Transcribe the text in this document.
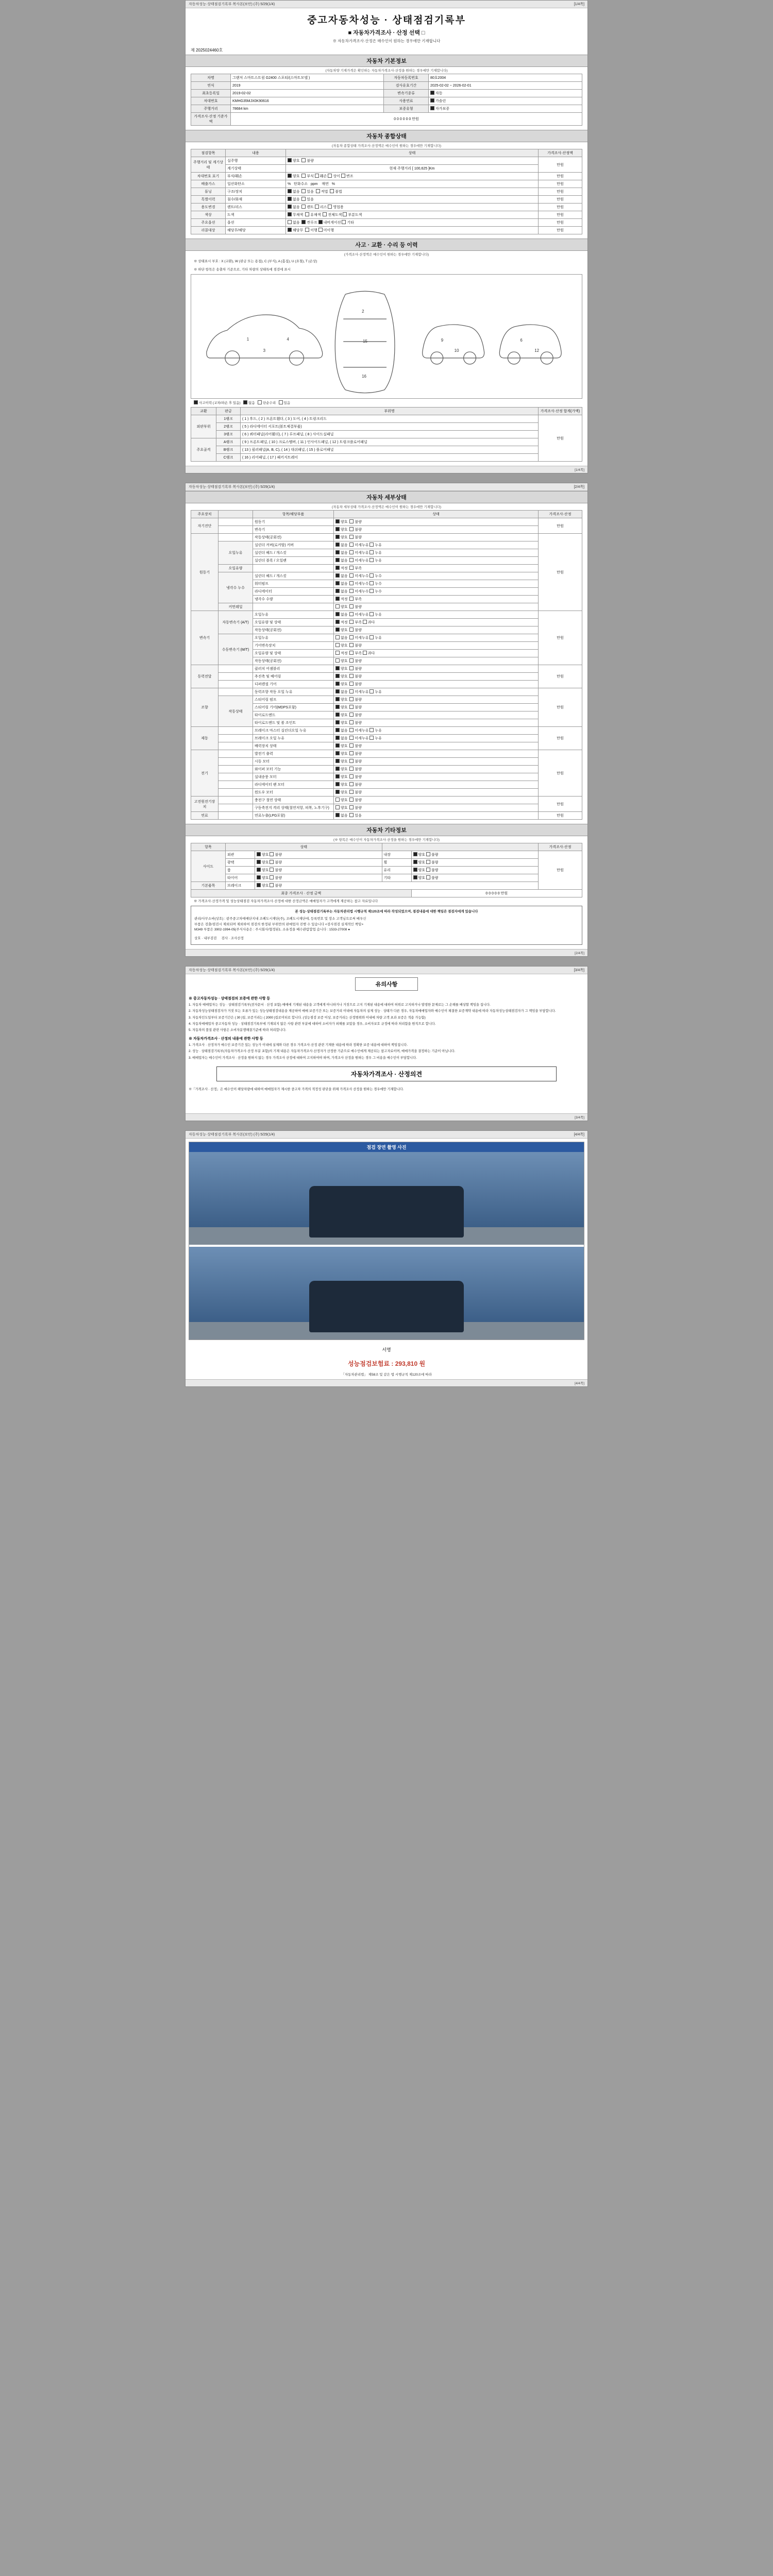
자동차성능·상태점검기록부 복사본(보안) (주) 5/29(1/4)	[1/4쪽]
중고자동차성능 · 상태점검기록부
■ 자동차가격조사 · 산정 선택 □
※ 자동차가격조사·산정은 매수인이 원하는 경우에만 기재합니다
제 2025024460호
자동차 기본정보
(자동차양 기재가격은 확인하는 자동차가격조사·산정을 원하는 경우에만 기재합니다)
차명	그랜저 스마트스트림 G2400 스포티/(스마트모델 )	자동차등록번호	80호2004
연식	2019	검사유효기간	2025-02-02 ~ 2026-02-01
최초등록일	2019-02-02	변속기종류	자동
차대번호	KMHG35MJX0K90616	사용연료	가솔린
주행거리	78684 km	보증유형	자가보증
가격조사·산정 기준가액	0 0 0 0 0 0 만원		
자동차 종합상태
(자동차 종합상태 가격조사·산정액은 매수인이 원하는 경우에만 기재합니다)
점검항목	내용	상태	가격조사·산정액
주행거리 및 계기상태	실주행	양호  불량	만원
	계기상태	현재 주행거리 [ 100,625 ]Km	
차대번호 표기	부식/훼손	양호  부식 훼손 상이 변조	만원
배출가스	일산화탄소	%   탄화수소   ppm    매연   %	만원
튜닝	구조/장치	없음  있음  적법  불법	만원
특별이력	침수/화재	없음  있음	만원
용도변경	렌트/리스	없음  렌트 리스 영업용	만원
색상	도색	무채색  유채색  전체도색 부분도색	만원
주요옵션	옵션	없음  썬루프 내비게이션 기타	만원
리콜대상	해당무/해당	해당무  이행 미이행	만원
사고 · 교환 · 수리 등 이력
(가격조사·산정액은 매수인이 원하는 경우에만 기재합니다)
※ 상태표시 부호 : X (교환), W (판금 또는 용접), C (부식), A (흠집), U (요철), T (손상)
※ 하단 항목은 송출차 기준으로, 기타 차량의 상태특에 점검에 표시
1
3
4
2
15
16
9
10
6
12
사고이력 (교차/파손 후 있음) 없음 단순수리 있음
교환	판금	부위명	가격조사·산정 합계(가액)
외판부위	1랭크	( 1 ) 후드, ( 2 ) 프론트휀더, ( 3 ) 도어, ( 4 ) 트렁크리드	만원
	2랭크	( 5 ) 라디에이터 서포트(볼트체결부품)	
	3랭크	( 6 ) 쿼터패널(리어휀더), ( 7 ) 루프패널, ( 8 ) 사이드실패널	
주요골격	A랭크	( 9 ) 프론트패널, ( 10 ) 크로스멤버, ( 11 ) 인사이드패널, ( 12 ) 트렁크플로어패널	
	B랭크	( 13 ) 필러패널(A, B, C), ( 14 ) 대쉬패널, ( 15 ) 플로어패널	
	C랭크	( 16 ) 리어패널, ( 17 ) 패키지트레이	
[1/4쪽]
자동차성능·상태점검기록부 복사본(보안) (주) 5/29(1/4)	[2/4쪽]
자동차 세부상태
(자동차 세부상태 가격조사·산정액은 매수인이 원하는 경우에만 기재합니다)
주요장치		항목/해당부품	상태	가격조사·산정
자기진단		원동기	양호  불량	만원
		변속기	양호  불량	
원동기		작동상태(공회전)	양호  불량	만원
	오일누유	실린더 커버(로커암) 커버	없음  미세누유 누유	
		실린더 헤드 / 개스킷	없음  미세누유 누유	
		실린더 블록 / 오일팬	없음  미세누유 누유	
	오일유량		적정  부족	
	냉각수 누수	실린더 헤드 / 개스킷	없음  미세누수 누수	
		워터펌프	없음  미세누수 누수	
		라디에이터	없음  미세누수 누수	
		냉각수 수량	적정  부족	
	커먼레일		양호  불량	
변속기	자동변속기 (A/T)	오일누유	없음  미세누유 누유	만원
		오일유량 및 상태	적정  부족 과다	
		작동상태(공회전)	양호  불량	
	수동변속기 (M/T)	오일누유	없음  미세누유 누유	
		기어변속장치	양호  불량	
		오일유량 및 상태	적정  부족 과다	
		작동상태(공회전)	양호  불량	
동력전달		클러치 어셈블리	양호  불량	만원
		추진축 및 베어링	양호  불량	
		디퍼렌셜 기어	양호  불량	
조향		동력조향 작동 오일 누유	없음  미세누유 누유	만원
	작동상태	스티어링 펌프	양호  불량	
		스티어링 기어(MDPS포함)	양호  불량	
		타이로드엔드	양호  불량	
		타이로드엔드 및 볼 조인트	양호  불량	
제동		브레이크 마스터 실린더오일 누유	없음  미세누유 누유	만원
		브레이크 오일 누유	없음  미세누유 누유	
		배력장치 상태	양호  불량	
전기		발전기 출력	양호  불량	만원
		시동 모터	양호  불량	
		와이퍼 모터 기능	양호  불량	
		실내송풍 모터	양호  불량	
		라디에이터 팬 모터	양호  불량	
		윈도우 모터	양호  불량	
고전원전기장치		충전구 절연 상태	양호  불량	만원
		구동축전지 격리 상태(절연저항, 피복, 노후기구)	양호  불량	
연료		연료누출(LPG포함)	없음  있음	만원
자동차 기타정보
(※ 항목은 매수인이 자동차가격조사·산정을 원하는 경우에만 기재합니다)
항목	상태				가격조사·산정
사이드	외관	양호 불량	내장	양호 불량	만원
	광택	양호 불량	휠	양호 불량	
	룸	양호 불량	유리	양호 불량	
	타이어	양호 불량	기타	양호 불량	
기본품목	브레이크	양호 불량			
최종 가격조사 · 산정 금액				0 0 0 0 0 만원	
※ 가격조사·산정가격 및 성능상태점검 자동차가격조사·산정에 대한 산정금액은 매매업자가 고객에게 제공하는 참고 자료입니다
본 성능·상태점검기록부는 자동차관리법 시행규칙 제120조에 따라 작성되었으며, 점검내용에 대한 책임은 점검자에게 있습니다
관리/사무소바(상호) : 광주중고차매매단지내 조폐도시재단(주), 조폐도시재단에, 등록번호 및 장소 고객님으로써 배우신
부품은 검출/점검시 제외되며 제외하여 점검의 한정된 부위만의 판매업자 진행 수 있습니다 <검사점검 실제적인 책임>
M349 부품은 3902-1994-05(주식사용은 : 주시회사/협정된1. 소유정을 배수관람합업 습니다 : 1533-27008 ●
상호 · 내부검검 검사 · 조사산정
[2/4쪽]
자동차성능·상태점검기록부 복사본(보안) (주) 5/29(1/4)	[3/4쪽]
유의사항
※ 중고자동차성능 · 상태점검의 보증에 관한 사항 등
1. 자동차 매매업자는 성능 · 상태점검기록부(전자문서 · 산정 포함) 매매에 기재된 내용을 고객에게 아니하거나 거짓으로 고지 기재된 내용에 대하여 허위로 고지하거나 발생한 문제로는 그 손해를 배상할 책임을 집니다.
2. 자동차성능상태점검자가 거짓 또는 오류가 있는 성능상태점검내용을 제공하여 매매 보증기간 또는 보증거리 이내에 자동차의 실제 성능 · 상태가 다른 경우, 자동차매매업자와 매수인이 체결한 보증계약 내용에 따라 자동차성능상태점검자가 그 책임을 부담합니다.
3. 자동차인도일부터 보증기간은 ( 30 )일, 보증거리는 ( 2000 )킬로미터로 합니다. (성능점검 보증 이상, 보증거리는 산정범위와 이내에 차량 고객 초과 보증은 적용 가능함)
4. 자동차매매업자 중고자동차 성능 · 상태점검기록부에 기재되지 않은 사항 관련 부분에 대하여 소비자가 피해를 보았을 경우, 소비자보호 규정에 따라 처리함을 원칙으로 합니다.
5. 자동차의 품질 관련 사항은 소비자분쟁해결기준에 따라 처리합니다.
※ 자동차가격조사 · 산정의 내용에 관한 사항 등
1. 가격조사 · 산정자가 매수인 보증기간 있는 성능가 이내에 실제와 다른 경우 가격조사·산정 관련 기재한 내용에 따라 정확한 보증 내용에 대하여 책임집니다.
2. 성능 · 상태점검기록부(자동차가격조사·산정 부분 포함)의 기재 내용은 자동차가격조사·산정자가 산정한 기준으로 매수인에게 제공되는 참고자료이며, 매매가격을 결정하는 기준이 아닙니다.
3. 매매업자는 매수인이 가격조사 · 산정을 원하지 않는 경우 가격조사 산정에 대하여 고지하여야 하며, 가격조사 산정을 원하는 경우 그 비용을 매수인이 부담합니다.
자동차가격조사 · 산정의견
※「가격조사 · 산정」은 매수인이 해당차량에 대하여 매매업자가 제시한 중고차 가격의 적정성 판단을 위해 가격조사 산정을 원하는 경우에만 기재합니다.
[3/4쪽]
자동차성능·상태점검기록부 복사본(보안) (주) 5/29(1/4)	[4/4쪽]
점검 장면 촬영 사진
서명
성능점검보험료 : 293,810 원
「자동차관리법」 제58조 및 같은 법 시행규칙 제120조에 따라
[4/4쪽]
